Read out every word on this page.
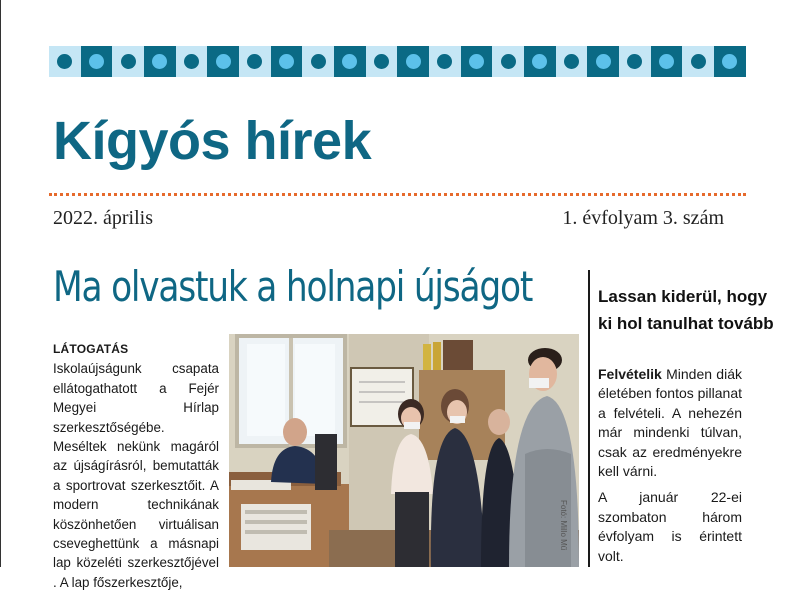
Kígyós hírek
2022. április	1. évfolyam 3. szám
Ma olvastuk a holnapi újságot
LÁTOGATÁS Iskolaújságunk csapata ellátogathatott a Fejér Megyei Hírlap szerkesztőségébe. Meséltek nekünk magáról az újságírásról, bemutatták a sportrovat szerkesztőit. A modern technikának köszönhetően virtuálisan cseveghettünk a másnapi lap közeléti szerkesztőjével . A lap főszerkesztője,
Fotó: Millo Mű
Lassan kiderül, hogy ki hol tanulhat tovább

Felvételik Minden diák életében fontos pillanat a felvételi. A nehezén már mindenki túlvan, csak az eredményekre kell várni.

A január 22-ei szombaton három évfolyam is érintett volt.
